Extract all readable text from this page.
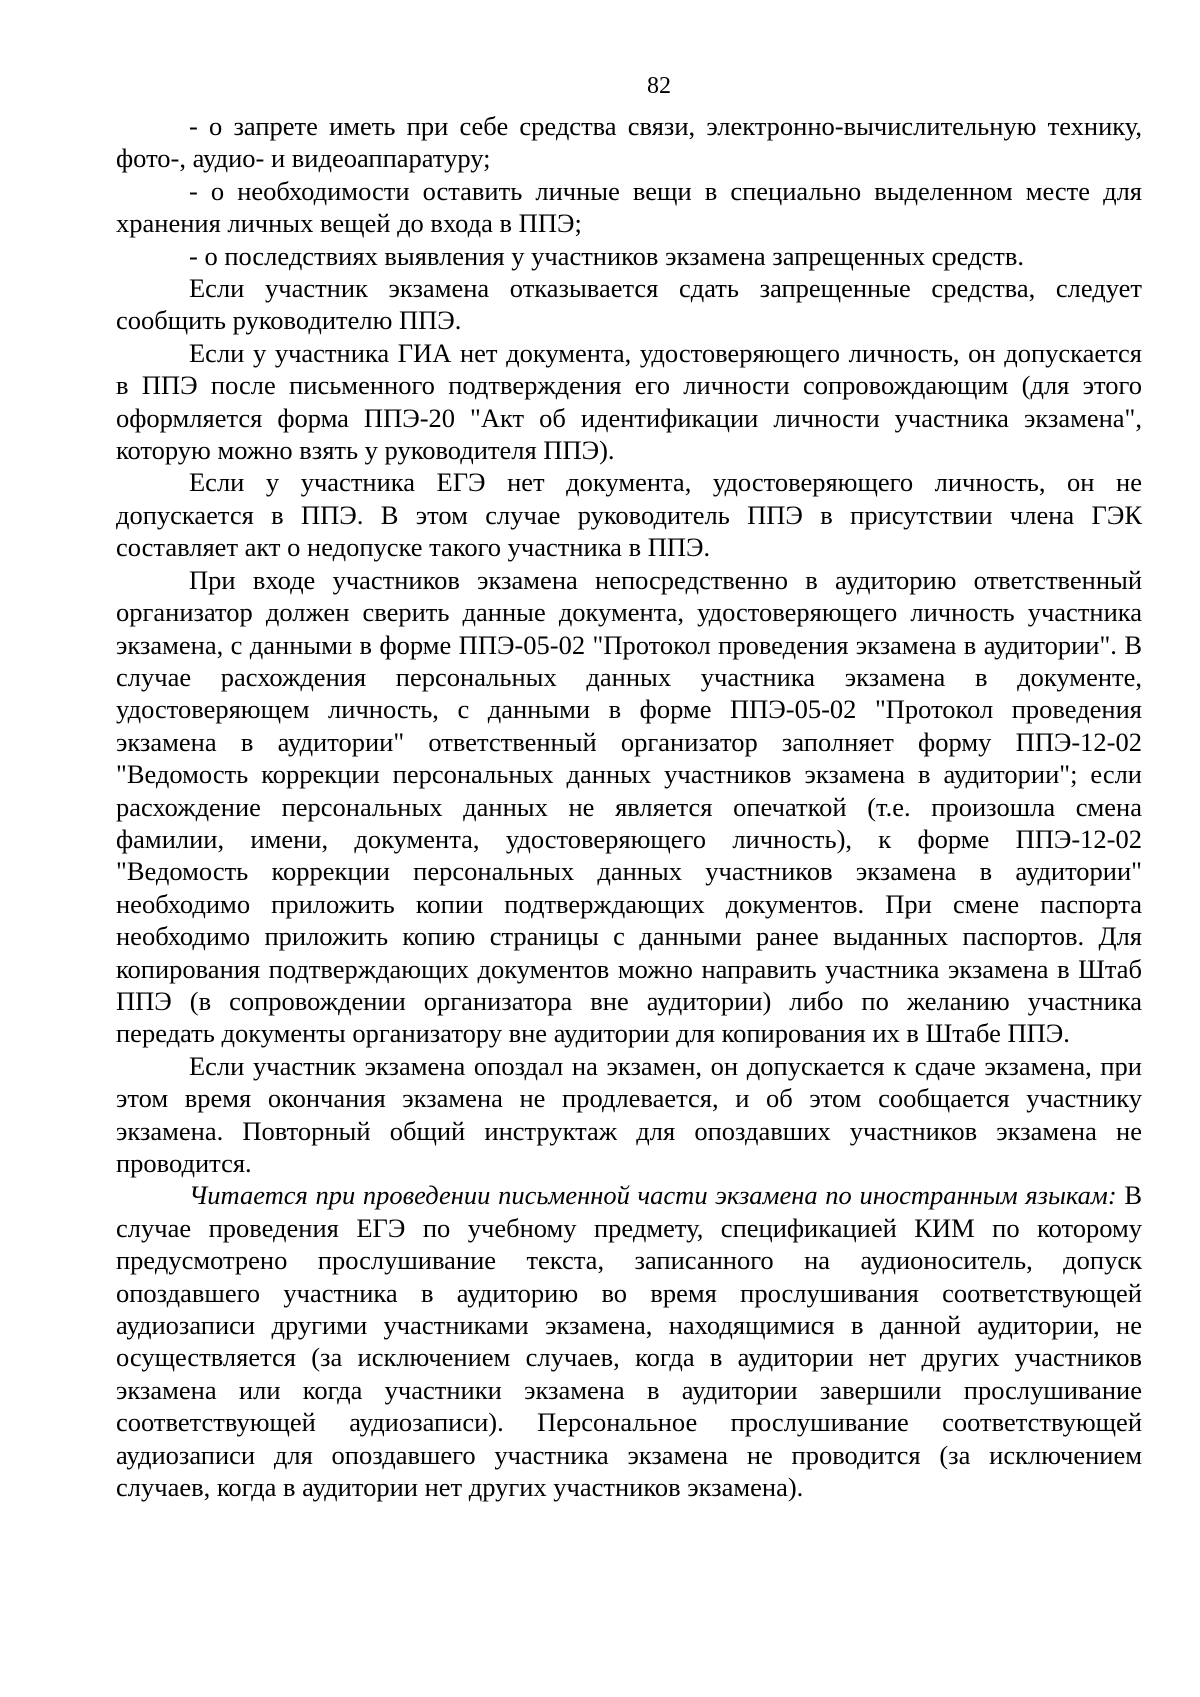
82

- о запрете иметь при себе средства связи, электронно-вычислительную технику, фото-, аудио- и видеоаппаратуру;

- о необходимости оставить личные вещи в специально выделенном месте для хранения личных вещей до входа в ППЭ;

- о последствиях выявления у участников экзамена запрещенных средств.

Если участник экзамена отказывается сдать запрещенные средства, следует сообщить руководителю ППЭ.

Если у участника ГИА нет документа, удостоверяющего личность, он допускается в ППЭ после письменного подтверждения его личности сопровождающим (для этого оформляется форма ППЭ-20 "Акт об идентификации личности участника экзамена", которую можно взять у руководителя ППЭ).

Если у участника ЕГЭ нет документа, удостоверяющего личность, он не допускается в ППЭ. В этом случае руководитель ППЭ в присутствии члена ГЭК составляет акт о недопуске такого участника в ППЭ.

При входе участников экзамена непосредственно в аудиторию ответственный организатор должен сверить данные документа, удостоверяющего личность участника экзамена, с данными в форме ППЭ-05-02 "Протокол проведения экзамена в аудитории". В случае расхождения персональных данных участника экзамена в документе, удостоверяющем личность, с данными в форме ППЭ-05-02 "Протокол проведения экзамена в аудитории" ответственный организатор заполняет форму ППЭ-12-02 "Ведомость коррекции персональных данных участников экзамена в аудитории"; если расхождение персональных данных не является опечаткой (т.е. произошла смена фамилии, имени, документа, удостоверяющего личность), к форме ППЭ-12-02 "Ведомость коррекции персональных данных участников экзамена в аудитории" необходимо приложить копии подтверждающих документов. При смене паспорта необходимо приложить копию страницы с данными ранее выданных паспортов. Для копирования подтверждающих документов можно направить участника экзамена в Штаб ППЭ (в сопровождении организатора вне аудитории) либо по желанию участника передать документы организатору вне аудитории для копирования их в Штабе ППЭ.

Если участник экзамена опоздал на экзамен, он допускается к сдаче экзамена, при этом время окончания экзамена не продлевается, и об этом сообщается участнику экзамена. Повторный общий инструктаж для опоздавших участников экзамена не проводится.

Читается при проведении письменной части экзамена по иностранным языкам: В случае проведения ЕГЭ по учебному предмету, спецификацией КИМ по которому предусмотрено прослушивание текста, записанного на аудионоситель, допуск опоздавшего участника в аудиторию во время прослушивания соответствующей аудиозаписи другими участниками экзамена, находящимися в данной аудитории, не осуществляется (за исключением случаев, когда в аудитории нет других участников экзамена или когда участники экзамена в аудитории завершили прослушивание соответствующей аудиозаписи). Персональное прослушивание соответствующей аудиозаписи для опоздавшего участника экзамена не проводится (за исключением случаев, когда в аудитории нет других участников экзамена).
